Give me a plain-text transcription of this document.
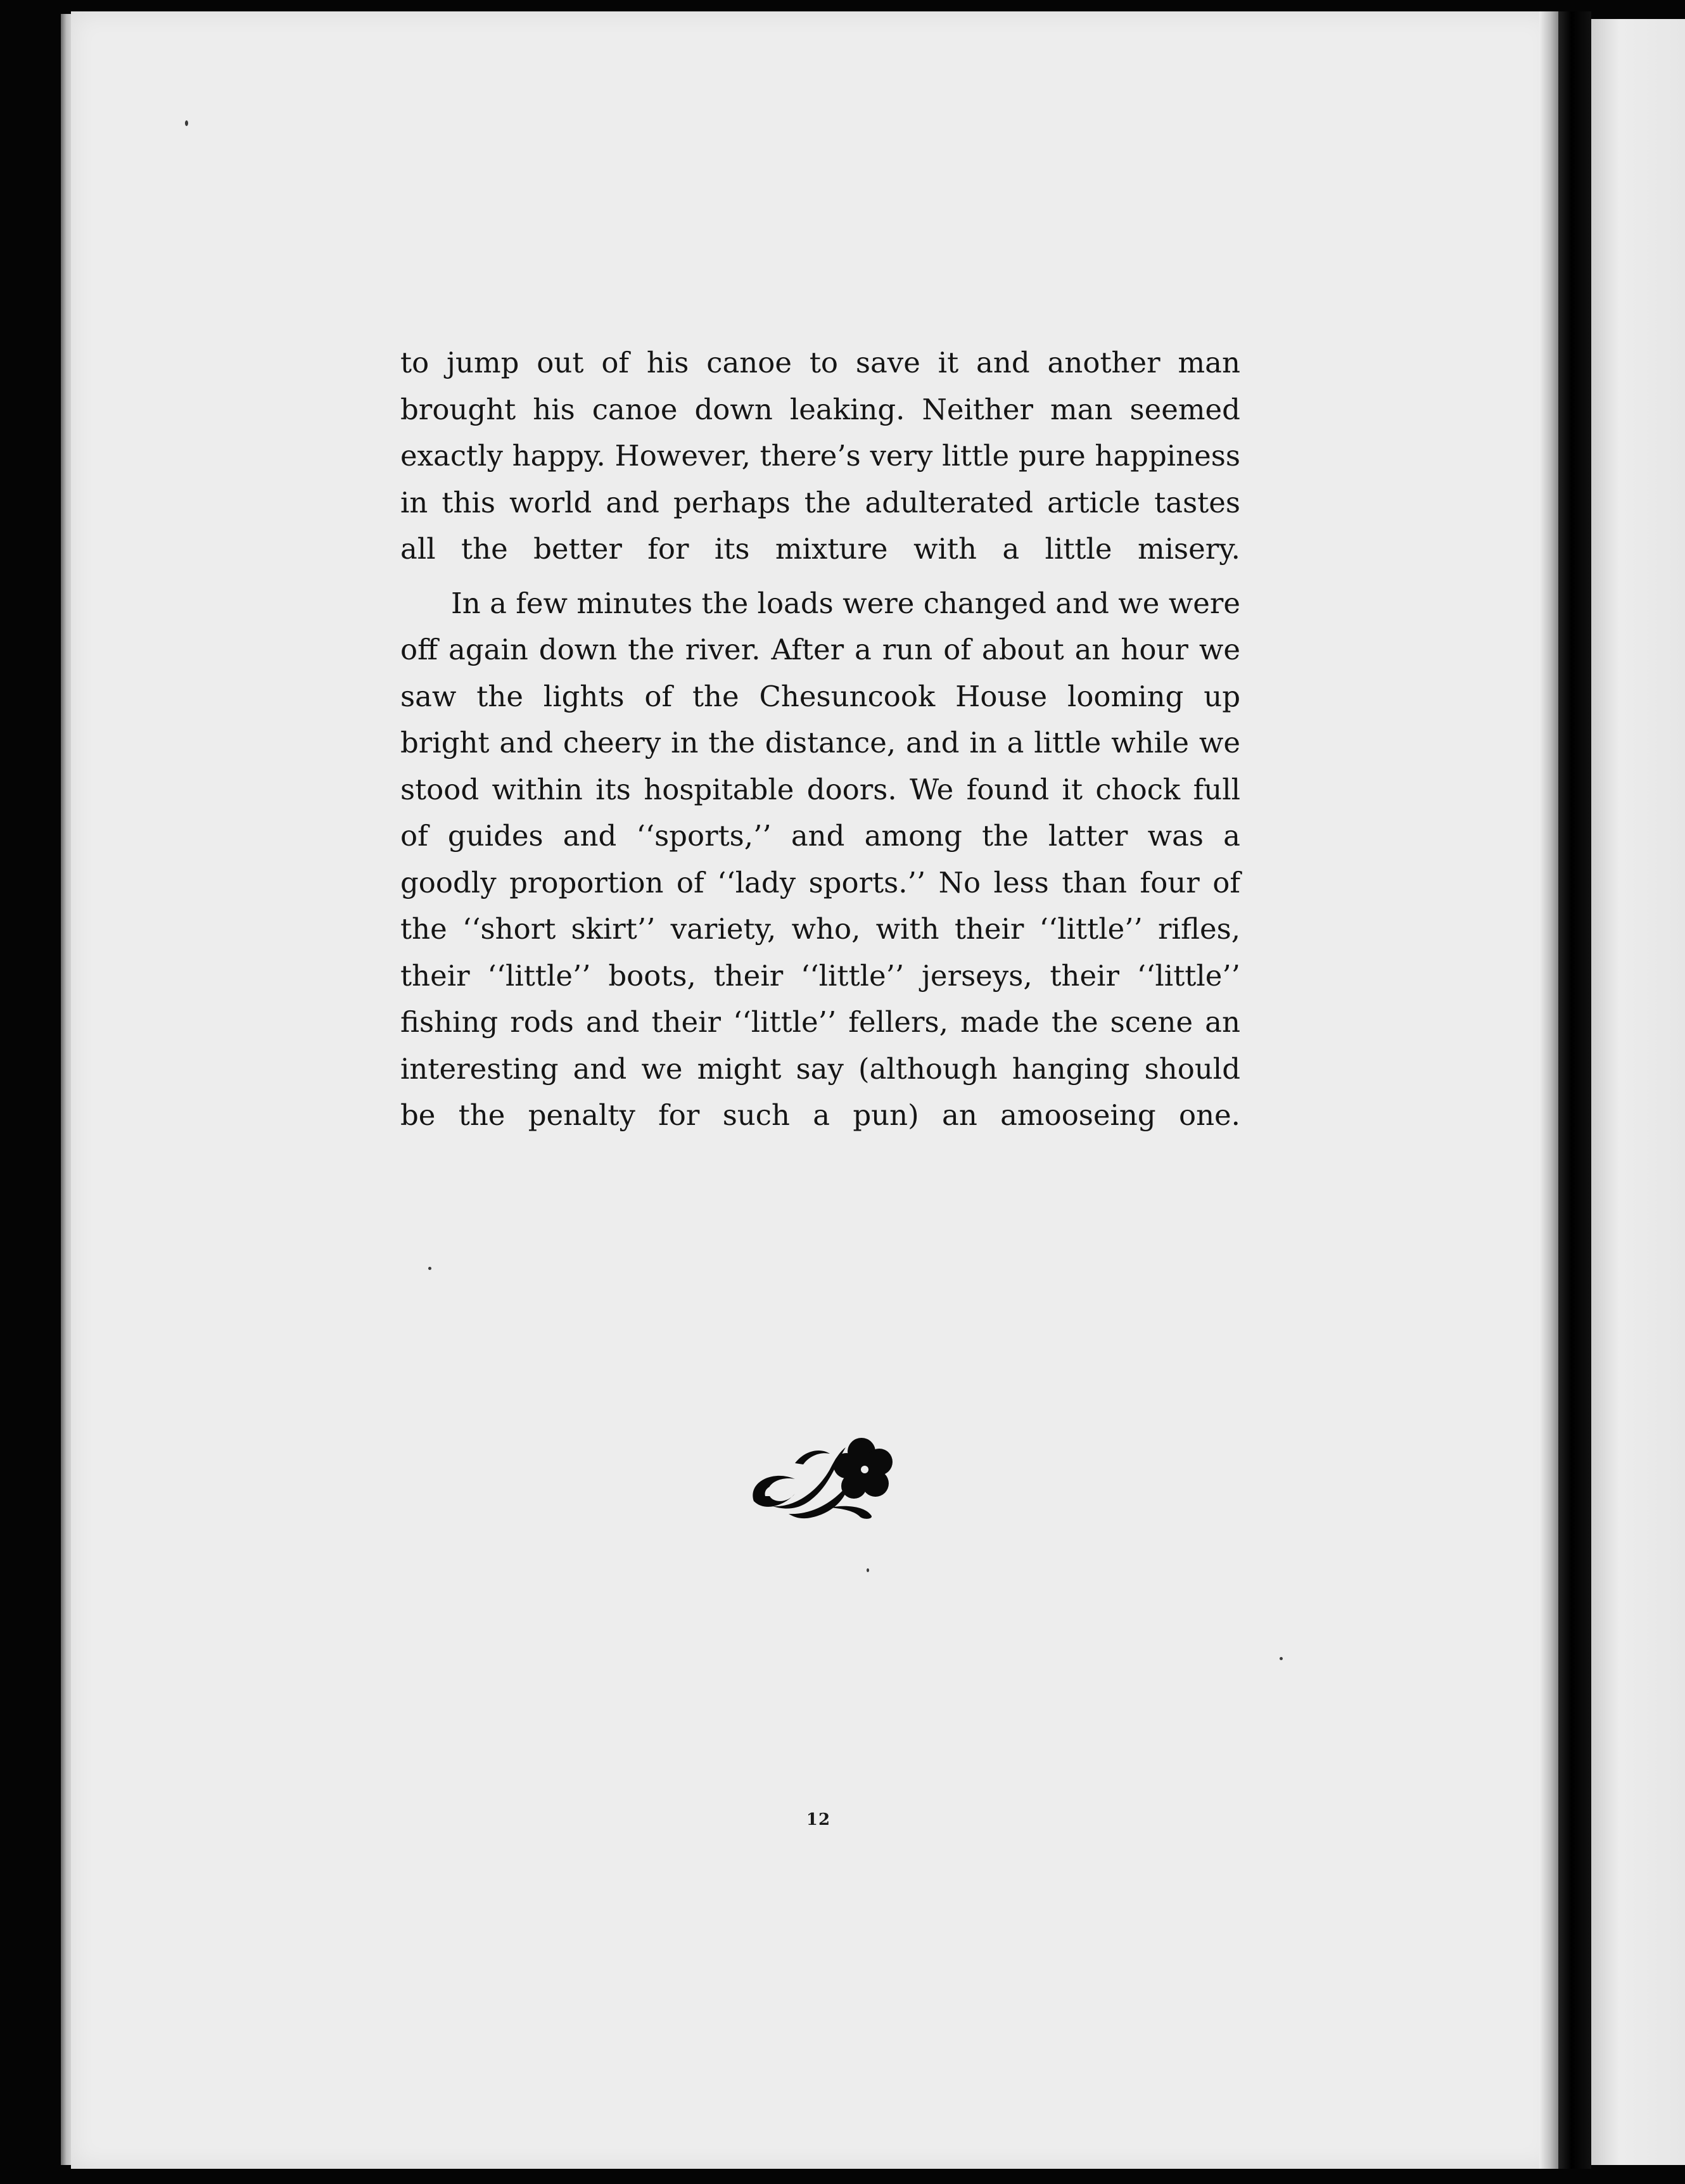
to jump out of his canoe to save it and another man brought his canoe down leaking. Neither man seemed exactly happy. However, there’s very little pure happiness in this world and perhaps the adulterated article tastes all the better for its mixture with a little misery.

In a few minutes the loads were changed and we were off again down the river. After a run of about an hour we saw the lights of the Chesuncook House looming up bright and cheery in the distance, and in a little while we stood within its hospitable doors. We found it chock full of guides and ‘‘sports,’’ and among the latter was a goodly proportion of ‘‘lady sports.’’ No less than four of the ‘‘short skirt’’ variety, who, with their ‘‘little’’ rifles, their ‘‘little’’ boots, their ‘‘little’’ jerseys, their ‘‘little’’ fishing rods and their ‘‘little’’ fellers, made the scene an interesting and we might say (although hanging should be the penalty for such a pun) an amooseing one.

12
